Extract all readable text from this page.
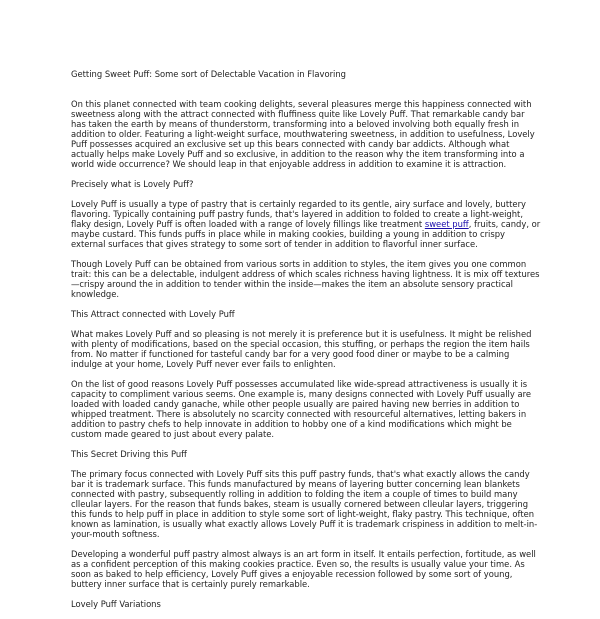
Getting Sweet Puff: Some sort of Delectable Vacation in Flavoring

On this planet connected with team cooking delights, several pleasures merge this happiness connected with sweetness along with the attract connected with fluffiness quite like Lovely Puff. That remarkable candy bar has taken the earth by means of thunderstorm, transforming into a beloved involving both equally fresh in addition to older. Featuring a light-weight surface, mouthwatering sweetness, in addition to usefulness, Lovely Puff possesses acquired an exclusive set up this bears connected with candy bar addicts. Although what actually helps make Lovely Puff and so exclusive, in addition to the reason why the item transforming into a world wide occurrence? We should leap in that enjoyable address in addition to examine it is attraction.

Precisely what is Lovely Puff?

Lovely Puff is usually a type of pastry that is certainly regarded to its gentle, airy surface and lovely, buttery flavoring. Typically containing puff pastry funds, that's layered in addition to folded to create a light-weight, flaky design, Lovely Puff is often loaded with a range of lovely fillings like treatment sweet puff, fruits, candy, or maybe custard. This funds puffs in place while in making cookies, building a young in addition to crispy external surfaces that gives strategy to some sort of tender in addition to flavorful inner surface.

Though Lovely Puff can be obtained from various sorts in addition to styles, the item gives you one common trait: this can be a delectable, indulgent address of which scales richness having lightness. It is mix off textures—crispy around the in addition to tender within the inside—makes the item an absolute sensory practical knowledge.

This Attract connected with Lovely Puff

What makes Lovely Puff and so pleasing is not merely it is preference but it is usefulness. It might be relished with plenty of modifications, based on the special occasion, this stuffing, or perhaps the region the item hails from. No matter if functioned for tasteful candy bar for a very good food diner or maybe to be a calming indulge at your home, Lovely Puff never ever fails to enlighten.

On the list of good reasons Lovely Puff possesses accumulated like wide-spread attractiveness is usually it is capacity to compliment various seems. One example is, many designs connected with Lovely Puff usually are loaded with loaded candy ganache, while other people usually are paired having new berries in addition to whipped treatment. There is absolutely no scarcity connected with resourceful alternatives, letting bakers in addition to pastry chefs to help innovate in addition to hobby one of a kind modifications which might be custom made geared to just about every palate.

This Secret Driving this Puff

The primary focus connected with Lovely Puff sits this puff pastry funds, that's what exactly allows the candy bar it is trademark surface. This funds manufactured by means of layering butter concerning lean blankets connected with pastry, subsequently rolling in addition to folding the item a couple of times to build many clleular layers. For the reason that funds bakes, steam is usually cornered between clleular layers, triggering this funds to help puff in place in addition to style some sort of light-weight, flaky pastry. This technique, often known as lamination, is usually what exactly allows Lovely Puff it is trademark crispiness in addition to melt-in-your-mouth softness.

Developing a wonderful puff pastry almost always is an art form in itself. It entails perfection, fortitude, as well as a confident perception of this making cookies practice. Even so, the results is usually value your time. As soon as baked to help efficiency, Lovely Puff gives a enjoyable recession followed by some sort of young, buttery inner surface that is certainly purely remarkable.

Lovely Puff Variations
